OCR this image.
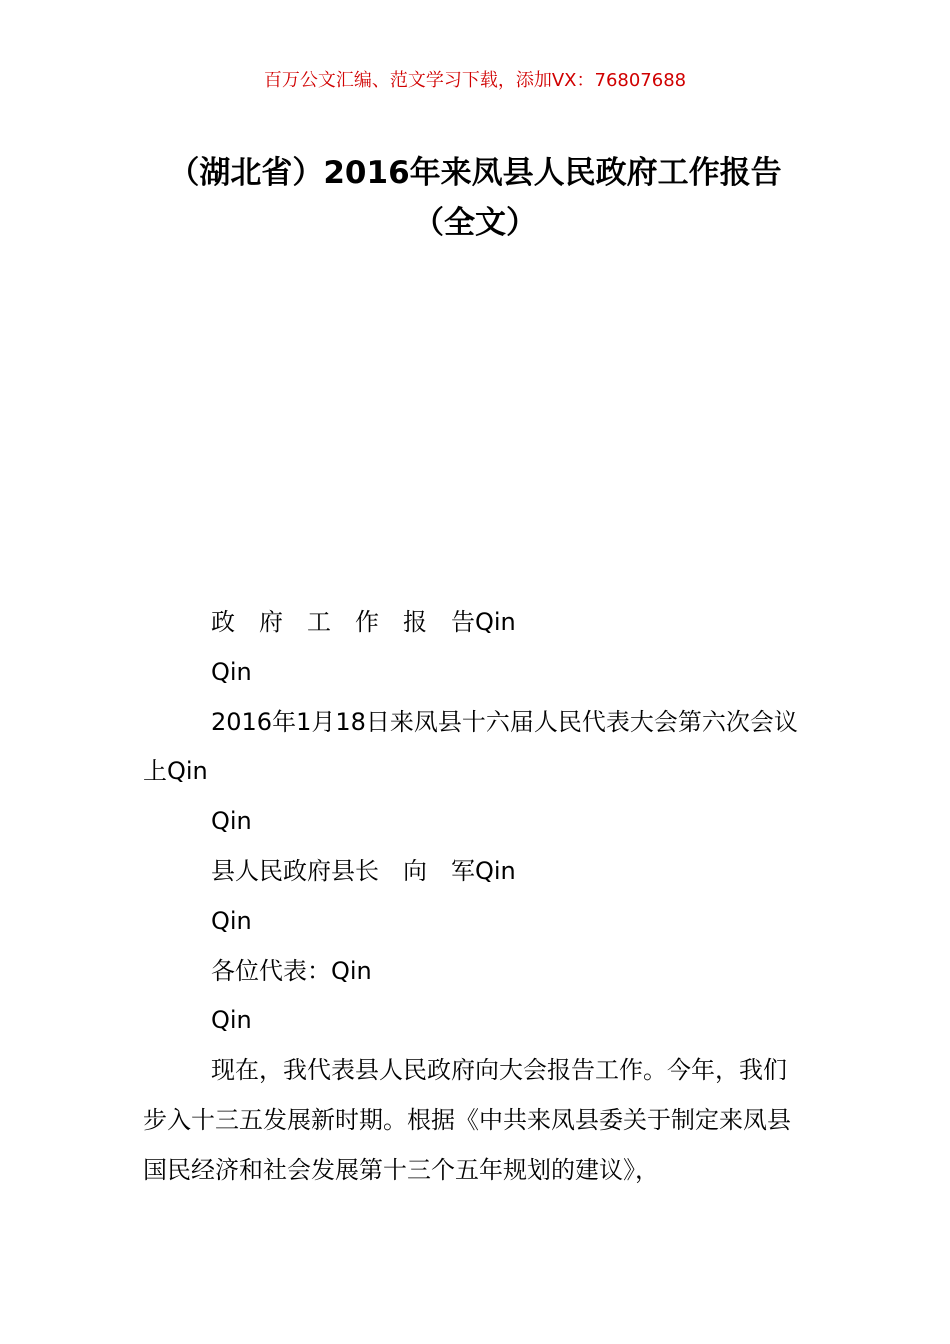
百万公文汇编、范文学习下载，添加VX：76807688
（湖北省）2016年来凤县人民政府工作报告（全文）

政　府　工　作　报　告Qin

Qin

2016年1月18日来凤县十六届人民代表大会第六次会议上Qin

Qin

县人民政府县长　向　军Qin

Qin

各位代表：Qin

Qin

现在，我代表县人民政府向大会报告工作。今年，我们步入十三五发展新时期。根据《中共来凤县委关于制定来凤县国民经济和社会发展第十三个五年规划的建议》，
